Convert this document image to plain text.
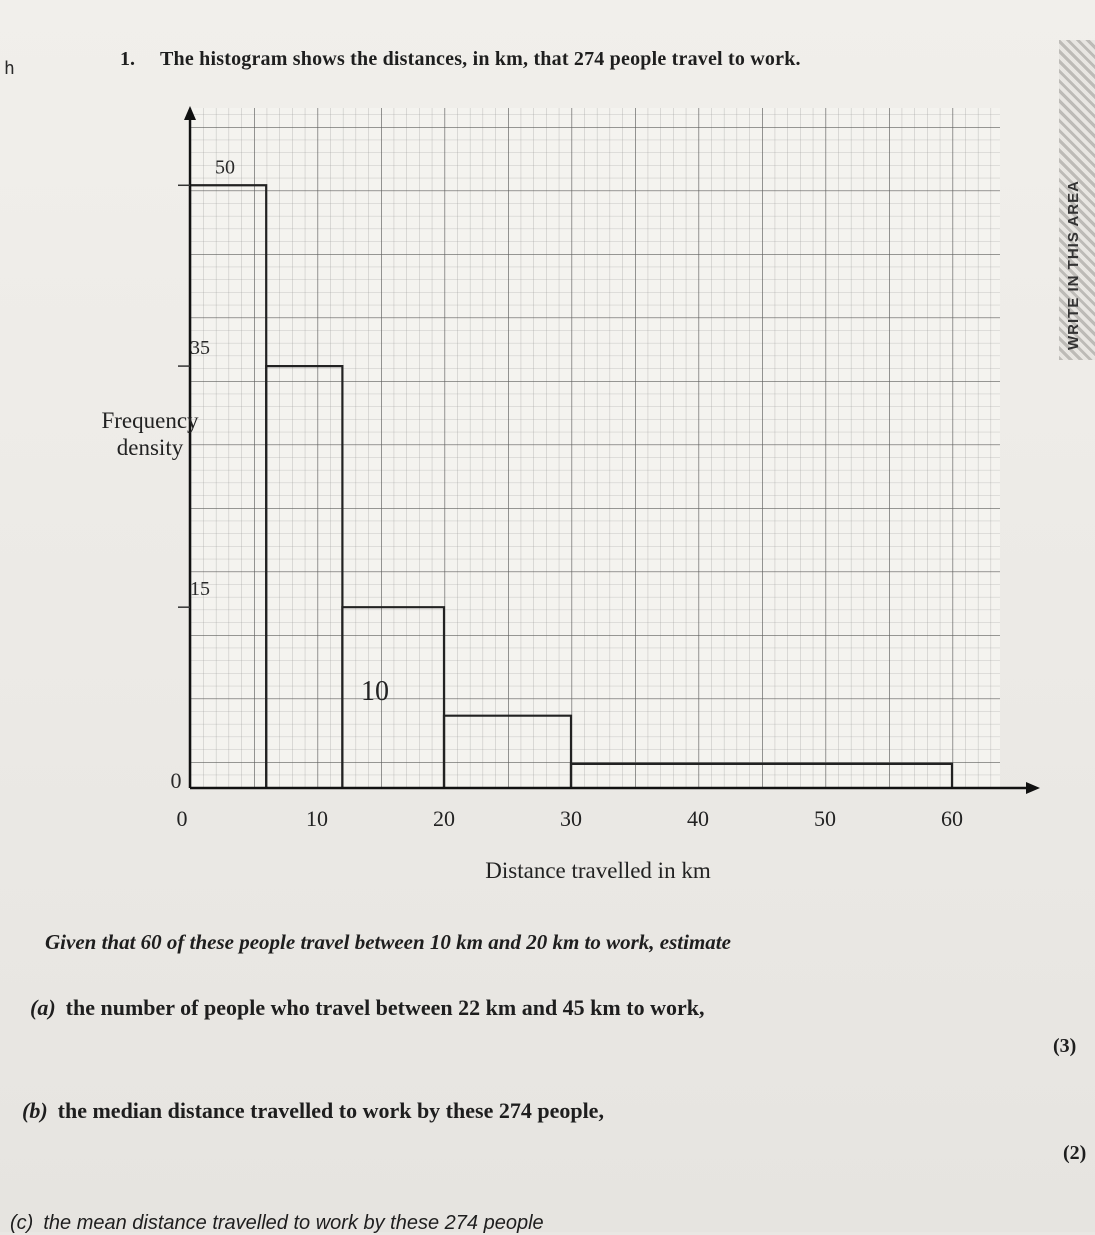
h	1. The histogram shows the distances, in km, that 274 people travel to work.
WRITE IN THIS AREA
0	10	20	30	40	50	60
Distance travelled in km
Frequency
density
50
35
15
0
10
Given that 60 of these people travel between 10 km and 20 km to work, estimate
(a) the number of people who travel between 22 km and 45 km to work,
(3)
(b) the median distance travelled to work by these 274 people,
(2)
(c) the mean distance travelled to work by these 274 people
